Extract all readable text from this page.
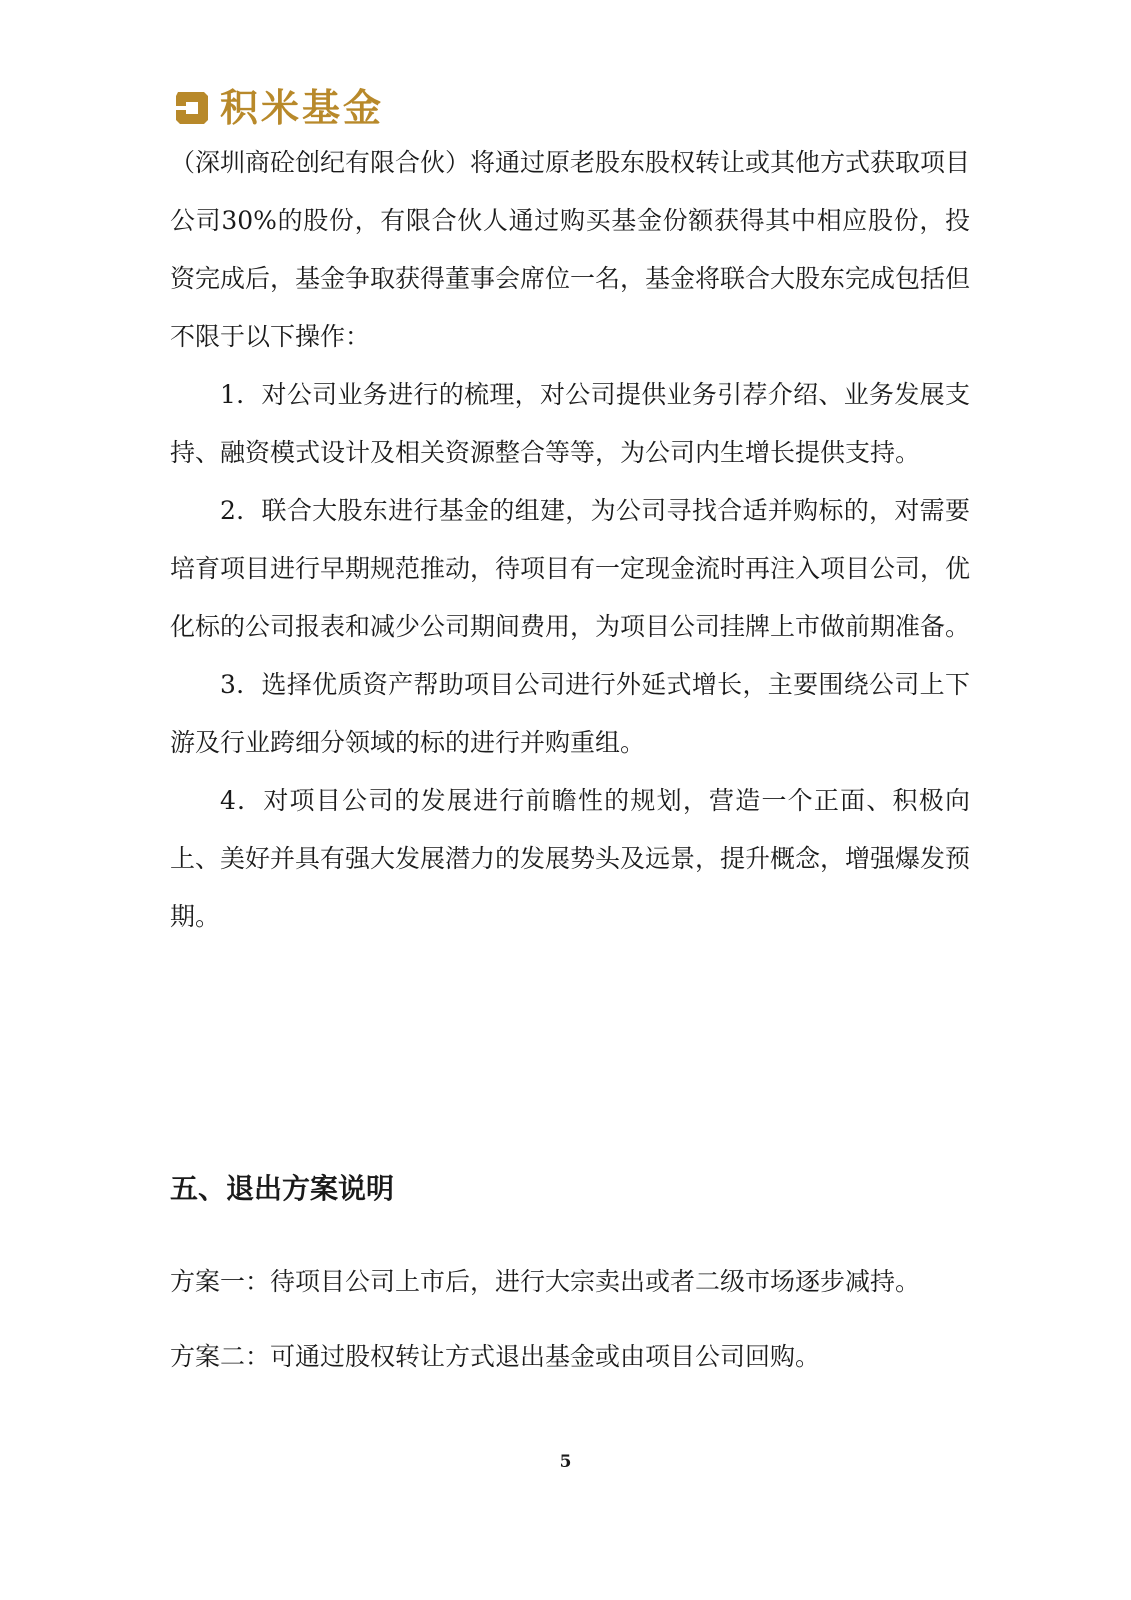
积米基金

（深圳商砼创纪有限合伙）将通过原老股东股权转让或其他方式获取项目公司30%的股份，有限合伙人通过购买基金份额获得其中相应股份，投资完成后，基金争取获得董事会席位一名，基金将联合大股东完成包括但不限于以下操作：

1．对公司业务进行的梳理，对公司提供业务引荐介绍、业务发展支持、融资模式设计及相关资源整合等等，为公司内生增长提供支持。

2．联合大股东进行基金的组建，为公司寻找合适并购标的，对需要培育项目进行早期规范推动，待项目有一定现金流时再注入项目公司，优化标的公司报表和减少公司期间费用，为项目公司挂牌上市做前期准备。

3．选择优质资产帮助项目公司进行外延式增长，主要围绕公司上下游及行业跨细分领域的标的进行并购重组。

4．对项目公司的发展进行前瞻性的规划，营造一个正面、积极向上、美好并具有强大发展潜力的发展势头及远景，提升概念，增强爆发预期。

五、退出方案说明
方案一：待项目公司上市后，进行大宗卖出或者二级市场逐步减持。
方案二：可通过股权转让方式退出基金或由项目公司回购。
5
